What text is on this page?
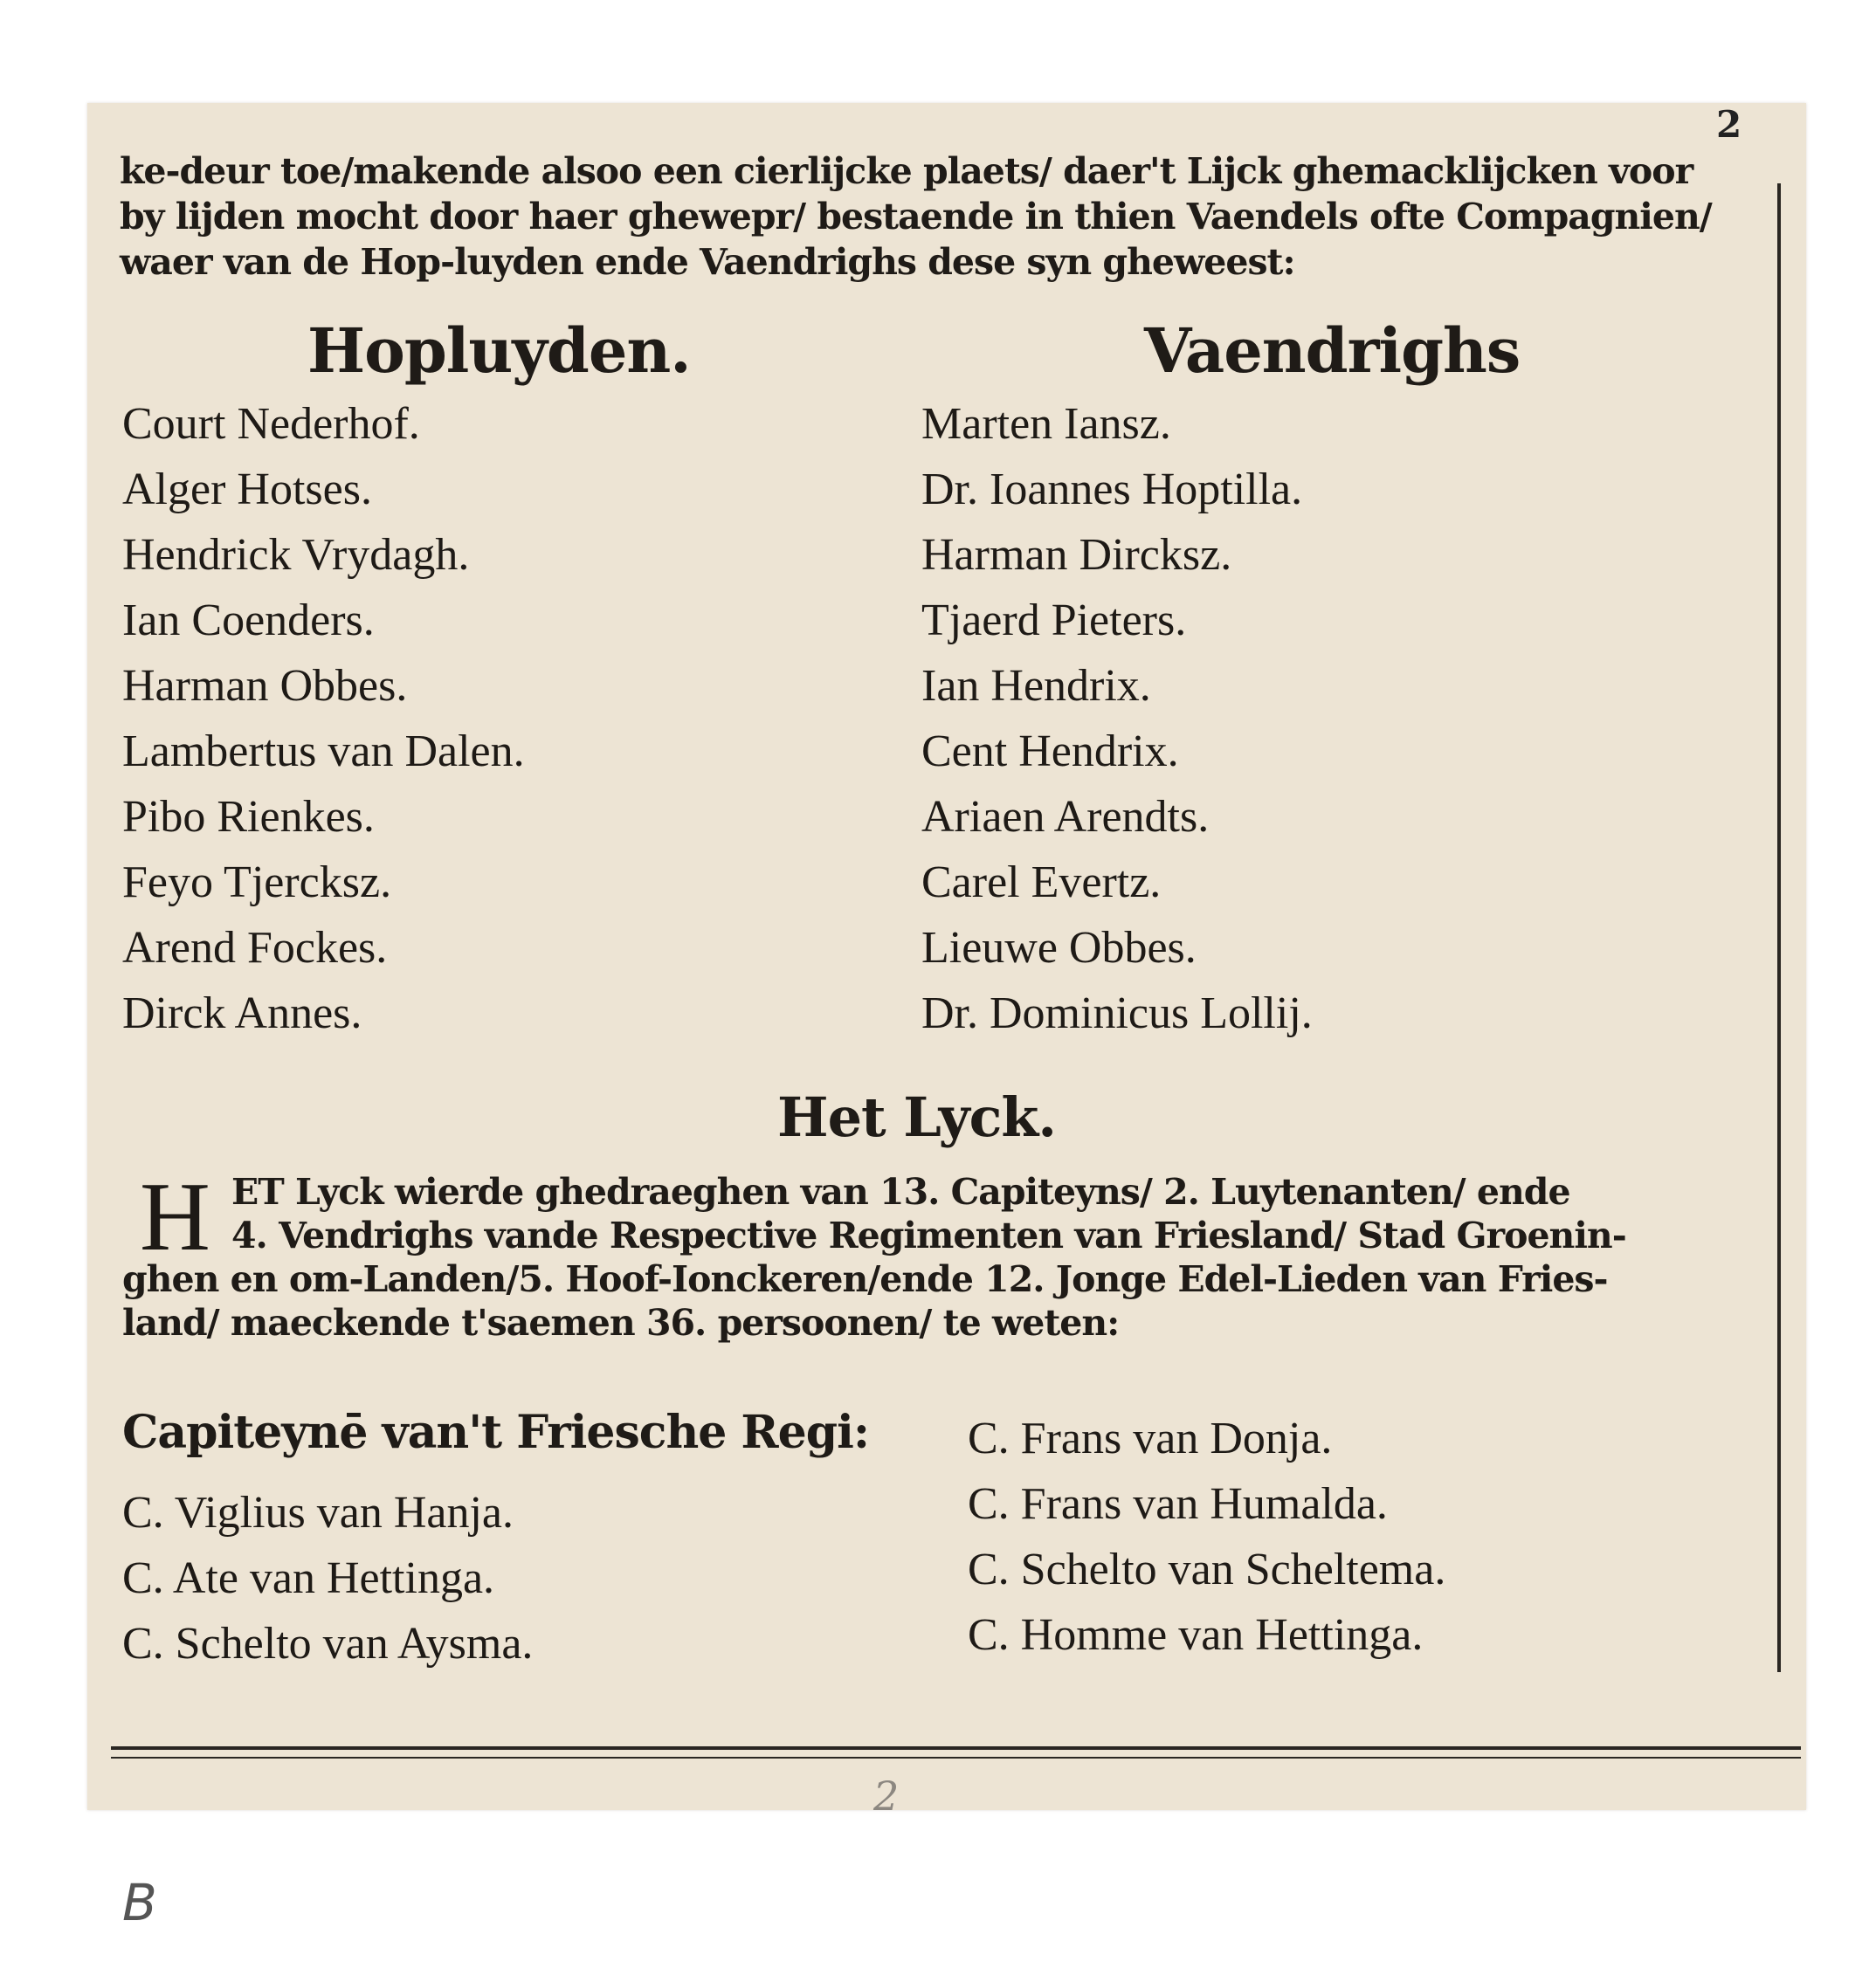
2
ke-deur toe/makende alsoo een cierlijcke plaets/ daer't Lijck ghemacklijcken voor
by lijden mocht door haer ghewepr/ bestaende in thien Vaendels ofte Compagnien/
waer van de Hop-luyden ende Vaendrighs dese syn gheweest:
Hopluyden.	Vaendrighs
Court Nederhof.
Alger Hotses.
Hendrick Vrydagh.
Ian Coenders.
Harman Obbes.
Lambertus van Dalen.
Pibo Rienkes.
Feyo Tjercksz.
Arend Fockes.
Dirck Annes.
Marten Iansz.
Dr. Ioannes Hoptilla.
Harman Dircksz.
Tjaerd Pieters.
Ian Hendrix.
Cent Hendrix.
Ariaen Arendts.
Carel Evertz.
Lieuwe Obbes.
Dr. Dominicus Lollij.
Het Lyck.
H ET Lyck wierde ghedraeghen van 13. Capiteyns/ 2. Luytenanten/ ende
4. Vendrighs vande Respective Regimenten van Friesland/ Stad Groenin-
ghen en om-Landen/5. Hoof-Ionckeren/ende 12. Jonge Edel-Lieden van Fries-
land/ maeckende t'saemen 36. persoonen/ te weten:
Capiteynē van't Friesche Regi:
C. Viglius van Hanja.
C. Ate van Hettinga.
C. Schelto van Aysma.
C. Frans van Donja.
C. Frans van Humalda.
C. Schelto van Scheltema.
C. Homme van Hettinga.
2
B
